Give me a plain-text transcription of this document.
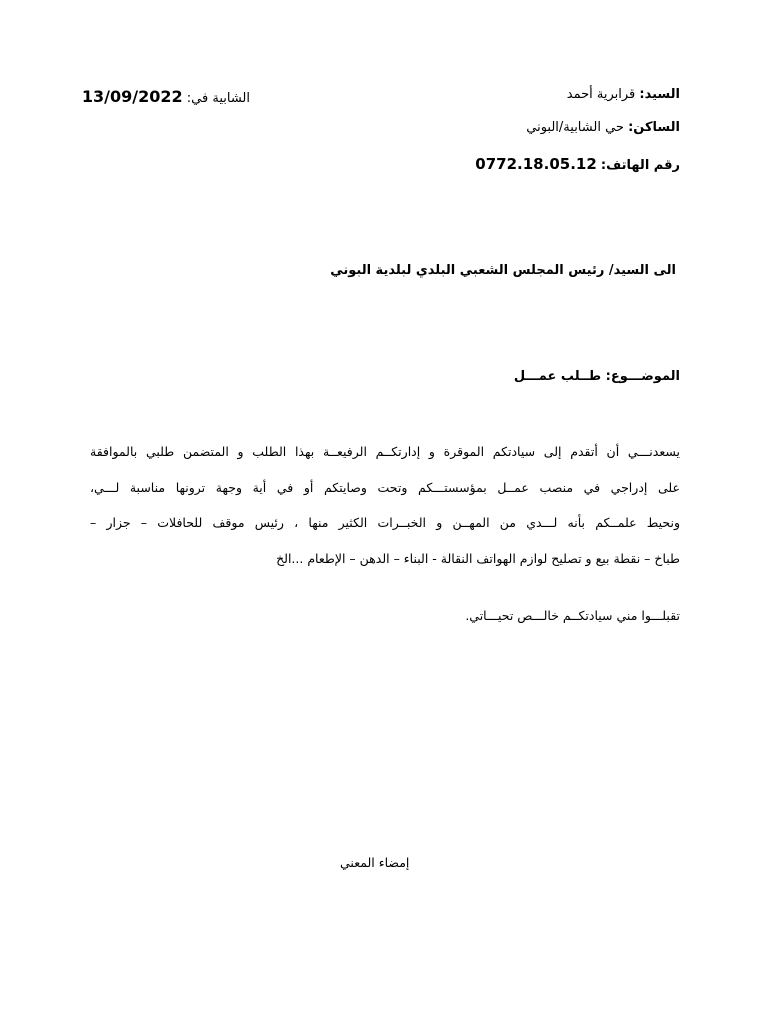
السيد: قرابرية أحمد
الشابية في: 13/09/2022
الساكن: حي الشابية/البوني
رقم الهاتف: 0772.18.05.12
الى السيد/ رئيس المجلس الشعبي البلدي لبلدية البوني
الموضـــوع: طــلب عمـــل
يسعدنـــي أن أتقدم إلى سيادتكم الموقرة و إدارتكــم الرفيعــة بهذا الطلب و المتضمن طلبي بالموافقة
على إدراجي في منصب عمــل بمؤسستـــكم وتحت وصايتكم أو في أية وجهة ترونها مناسبة لـــي،
ونحيط علمــكم بأنه لـــدي من المهــن و الخبــرات الكثير منها ، رئيس موقف للحافلات – جزار –
طباخ – نقطة بيع و تصليح لوازم الهواتف النقالة - البناء – الدهن – الإطعام ...الخ
تقبلـــوا مني سيادتكــم خالـــص تحيـــاتي.
إمضاء المعني
